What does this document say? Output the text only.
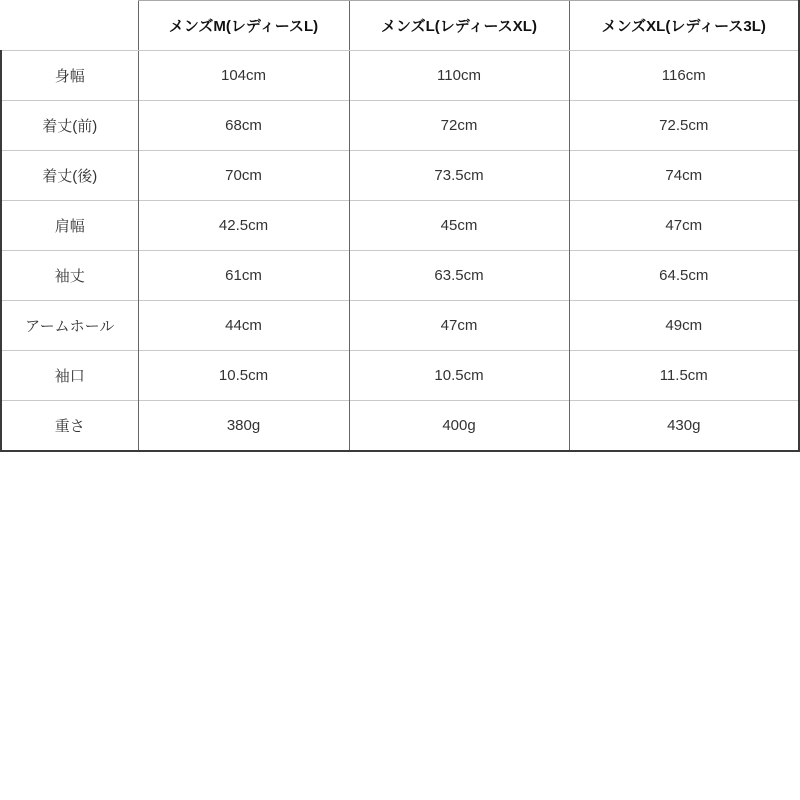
	メンズM(レディースL)	メンズL(レディースXL)	メンズXL(レディース3L)
身幅	104cm	110cm	116cm
着丈(前)	68cm	72cm	72.5cm
着丈(後)	70cm	73.5cm	74cm
肩幅	42.5cm	45cm	47cm
袖丈	61cm	63.5cm	64.5cm
アームホール	44cm	47cm	49cm
袖口	10.5cm	10.5cm	11.5cm
重さ	380g	400g	430g
